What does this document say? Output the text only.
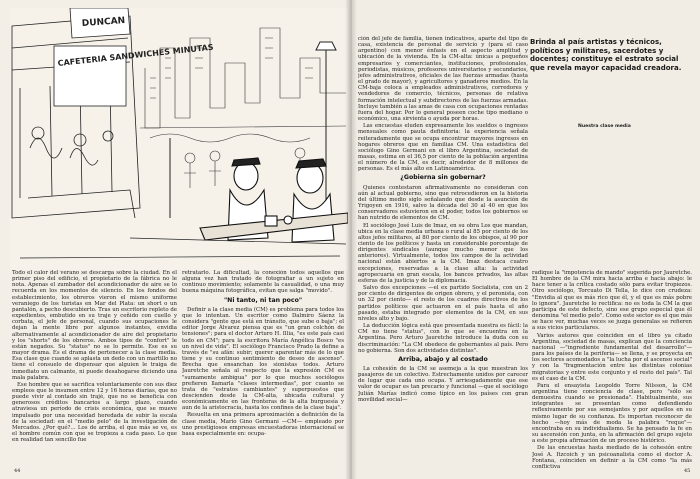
CAFETERIA SANDWICHES MINUTAS
DUNCAN

Todo el calor del verano se descarga sobre la ciudad. En el primer piso del edificio, el propietario de la fábrica no le nota. Apenas el zumbador del acondicionador de aire se lo recuerda en los momentos de silencio. En los fondos del establecimiento, los obreros vieron el mismo uniforme veraniego de los turistas en Mar del Plata: un short o un pantalón, a pecho descubierto. Tras un escritorio repleto de expedientes, embutido en su traje y ceñido con cuello y corbata, el jefe de personal, cuando sus ocupaciones le dejan la mente libre por algunos instantes, envidia alternativamente al acondicionador de aire del propietario y los "shorts" de los obreros. Ambos tipos de "confort" le están negados. Su "status" no se lo permite. Ese es su mayor drama. Es el drama de pertenecer a la clase media. Esa clase que cuando se aplasta un dedo con un martillo no tiene el consuelo de dispensar que alguien le traiga de inmediato un calmante, ni puede desahogarse diciendo una mala palabra.

Ese hombre que se sacrifica voluntariamente con sus diez empleos que le insumen entre 12 y 16 horas diarias, que no puede vivir al contado sin trajé, que no se beneficia con generosos créditos bancarios a largo plazo, cuando atraviesa un período de crisis económica, que se mueve impulsado por una necesidad heredada de subir la escala de la sociedad: en el "medio pelo" de la investigación de Mercados. ¿Por qué?... Los de arriba, el que más se ve, es el hombre común con que se tropieza a cada paso. Lo que en realidad tan sencillo fue

retratarlo. La dificultad, la conexión todos aquellos que alguna vez han tratado de fotografiar a un sujeto en continuo movimiento; solamente la casualidad, o una muy buena máquina fotográfica, evitan que salga "movido".

"Ni tanto, ni tan poco"

Definir a la clase media (CM) es problema para todos los que lo intentan. Un escritor como Dalmiro Sáenz la considera "gente que está en tránsito, que sube o baja"; el editor Jorge Álvarez piensa que es "un gran colchón de tensiones"; para el doctor Arturo H. Illia, "es este país casi todo en CM"; para la escritora María Angélica Bosco "es un nivel de vida". El sociólogo Francisco Prado la define a través de "su afán: subir; querer aparentar más de lo que tiene y su continuo sentimiento de deseo de ascenso". Brecha que ensanchan los sionistas todos. Arturo Jauretche señala al respecto que la expresión CM es "sumamente ambigua" por lo que muchos sociólogos prefieren llamarla "clases intermedias", por cuanto se trata de "estratos cambiantes" y superpuestos que descienden desde la CM-alta, ubicada cultural y económicamente en las fronteras de la alta burguesía y aun de la aristocracia, hasta los confines de la clase baja".

Resuelta en una primera aproximación a definición de la clase media, Mario Gino Germani —CM— empleado por uno prestigiosos empresas encuestadoras internacional se basa especialmente en: ocupa-

44

ción del jefe de familia, tienen indicativos, aparte del tipo de casa, existencia de personal de servicio y (para el caso argentino) con menor énfasis en el aspecto amplitud y ubicación de la vivienda. En la CM-alta: únicas a pequeños empresarios y comerciantes, instituciones, profesionales, periodistas, músicos, profesores universitarios y secundarios, jefes administrativos, oficiales de las fuerzas armadas (hasta el grado de mayor), y agricultores y ganaderos medios. En la CM-baja coloca a empleados administrativos, corredores y vendedores de comercio, técnicos, personas de relativa formación intelectual y subdirectores de las fuerzas armadas. Incluye también a las amas de casa con ocupaciones rentadas fuera del hogar. Por lo general poseen coche tipo mediano o económico, una sirvienta o ayuda por horas.

Las encuestas eluden expresamente los sueldos o ingresos mensuales como pauta definitoria: la experiencia señala reiteradamente que se ocupa encontrar mayores ingresos en hogares obreros que en familias CM. Una estadística del sociólogo Gino Germani en el libro Argentina, sociedad de masas, estima en el 36,5 por ciento de la población argentina el número de la CM, es decir, alrededor de 8 millones de personas. Es el más alto en Latinoamérica.

¿Gobierna sin gobernar?

Quienes contestaron afirmativamente no consideran con aún al actual gobierno, sino que retrocedieron en la historia del último medio siglo señalando que desde la asunción de Yrigoyen en 1916, salvo la década del 30 al 40 en que los conservadores estuvieron en el poder, todos los gobiernos se han nutrido de elementos de CM.

El sociólogo José Luis de Imaz, en su obra Los que mandan, ubica en la clase media urbana o rural al 85 por ciento de los altos jefes militares, al 80 por ciento de los obispos, al 90 por ciento de los políticos y hasta un considerable porcentaje de dirigentes sindicales (aunque mucho menor que los anteriores). Virtualmente, todos los campos de la actividad nacional están abiertos a la CM. Imaz destaca cuatro excepciones, reservadas a la clase alta: la actividad agropecuaria en gran escala, los bancos privados, las altas esferas de la justicia y de la diplomacia.

Salvo dos excepciones —el ex partido Socialista, con un 2 por ciento de dirigentes de origen obrero, y el peronista, con un 32 por ciento— el resto de los cuadros directivos de los partidos políticos que actuaron en el país hasta el año pasado, estaba integrado por elementos de la CM, en sus niveles alto y bajo.

La deducción lógica está que presentada nuestra es fácil: la CM no tiene "status", con lo que se encuentra en la Argentina. Pero Arturo Jauretche introduce la duda con su discriminación: "La CM obedece de gobernantes al país. Pero no gobierna. Son dos actividades distintas".

Arriba, abajo y al costado

La cohesión de la CM se asemeja a la que muestran los pasajeros de un colectivo. Estrechamente unidos por carecer de lugar que cada uno ocupa. Y arriesgadamente que ese valor de ocupar es tan precario y funcional —que el sociólogo Julián Marías indicó como típico en los países con gran movilidad social—

radique la "impotencia de mando" sugerida por Jauretche. El hombre de la CM mira hacia arriba e hacia abajo: le hace tener a la crítica costado sólo para evitar tropiezos. Otro sociólogo, Torcuato Di Tella, lo dice con crudeza: "Envidia al que es más rico que él, y el que es más pobre lo ignora". Jauretche lo rectifica: no es toda la CM la que participa de este defecto, sino ese grupo especial que él denomina "el medio pelo". Como este sector es el que más se hace ver, muchas veces se juzga generalas se refieren a sus vicios particulares.

Varios autores que coinciden en el libro ya citado Argentina, sociedad de masas, explican que la conciencia nacional —"ingrediente fundamental del desarrollo"— para los países de la periferia— se llena, y se proyecta en los sectores acomodados a "la lucha por el ascenso social" y con la "fragmentación entre las distintas colonias migratorias y entre este conjunto y el resto del país". Tal es el caso de la CM.

Para el ensayista Leopoldo Torre Nilsson, la CM argentina tiene conciencia de clase, pero "sólo se demuestra cuando se presionada". Habitualmente, sus integrantes se presentan como defendiendo reflexivamente por sus semejantes y por aquellos en su mismo lugar de su confianza. Es importan reconocer de hecho —hoy más de moda la palabra "reque"— encontraba en su individualismo. Se ha pensado la fe en su ascensión con junta, en la afirmación del grupo sujeto a este propia afirmación de un proceso histórico.

De las encuestas hasta mediado de la cohesión entre José A. Itzcoich y un psicoanalista como el doctor A. Fontana, coinciden en definir a la CM como "la más conflictiva

45
Brinda al país artistas y técnicos, políticos y militares, sacerdotes y docentes; constituye el estrato social que revela mayor capacidad creadora.
Nuestra clase media
